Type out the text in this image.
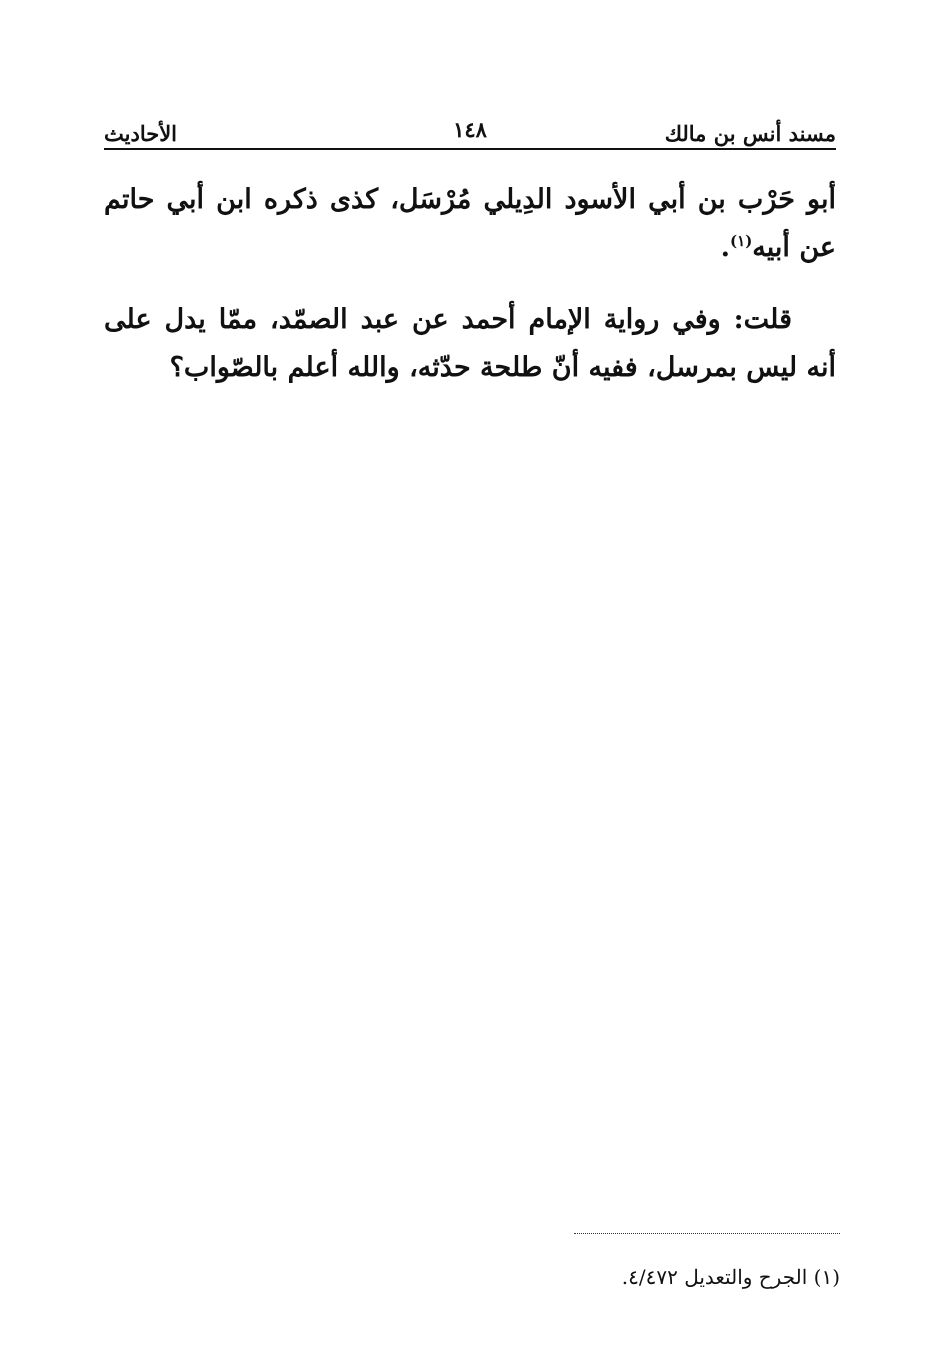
مسند أنس بن مالك
١٤٨
الأحاديث

أبو حَرْب بن أبي الأسود الدِيلي مُرْسَل، كذى ذكره ابن أبي حاتم عن أبيه$^{(١)}$.

قلت: وفي رواية الإمام أحمد عن عبد الصمّد، ممّا يدل على أنه ليس بمرسل، ففيه أنّ طلحة حدّثه، والله أعلم بالصّواب؟

(١) الجرح والتعديل ٤/٤٧٢.
